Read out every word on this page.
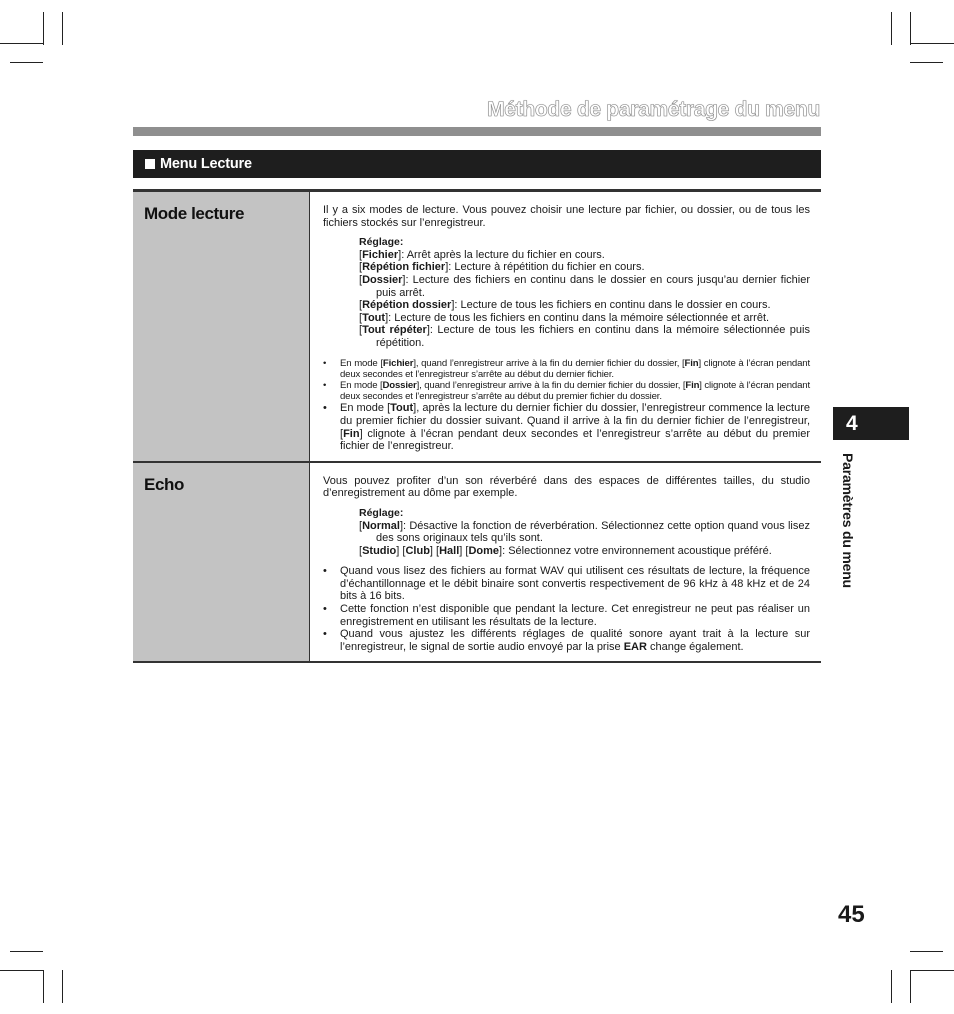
Méthode de paramétrage du menu
Menu Lecture
Mode lecture	Il y a six modes de lecture. Vous pouvez choisir une lecture par fichier, ou dossier, ou de tous les fichiers stockés sur l’enregistreur.

Réglage:
[Fichier]: Arrêt après la lecture du fichier en cours.
[Répétion fichier]: Lecture à répétition du fichier en cours.
[Dossier]: Lecture des fichiers en continu dans le dossier en cours jusqu’au dernier fichier puis arrêt.
[Répétion dossier]: Lecture de tous les fichiers en continu dans le dossier en cours.
[Tout]: Lecture de tous les fichiers en continu dans la mémoire sélectionnée et arrêt.
[Tout répéter]: Lecture de tous les fichiers en continu dans la mémoire sélectionnée puis répétition.
• En mode [Fichier], quand l’enregistreur arrive à la fin du dernier fichier du dossier, [Fin] clignote à l’écran pendant deux secondes et l’enregistreur s’arrête au début du dernier fichier.
• En mode [Dossier], quand l’enregistreur arrive à la fin du dernier fichier du dossier, [Fin] clignote à l’écran pendant deux secondes et l’enregistreur s’arrête au début du premier fichier du dossier.
• En mode [Tout], après la lecture du dernier fichier du dossier, l’enregistreur commence la lecture du premier fichier du dossier suivant. Quand il arrive à la fin du dernier fichier de l’enregistreur, [Fin] clignote à l’écran pendant deux secondes et l’enregistreur s’arrête au début du premier fichier de l’enregistreur.
Echo	Vous pouvez profiter d’un son réverbéré dans des espaces de différentes tailles, du studio d’enregistrement au dôme par exemple.

Réglage:
[Normal]: Désactive la fonction de réverbération. Sélectionnez cette option quand vous lisez des sons originaux tels qu’ils sont.
[Studio] [Club] [Hall] [Dome]: Sélectionnez votre environnement acoustique préféré.
• Quand vous lisez des fichiers au format WAV qui utilisent ces résultats de lecture, la fréquence d’échantillonnage et le débit binaire sont convertis respectivement de 96 kHz à 48 kHz et de 24 bits à 16 bits.
• Cette fonction n’est disponible que pendant la lecture. Cet enregistreur ne peut pas réaliser un enregistrement en utilisant les résultats de la lecture.
• Quand vous ajustez les différents réglages de qualité sonore ayant trait à la lecture sur l’enregistreur, le signal de sortie audio envoyé par la prise EAR change également.
4
Paramètres du menu
45
